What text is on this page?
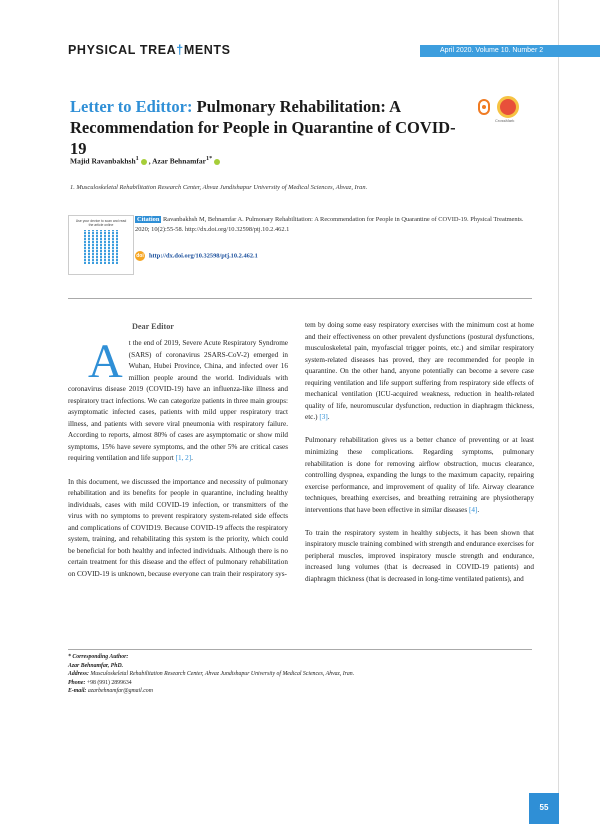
PHYSICAL TREA†MENTS	April 2020. Volume 10. Number 2
Letter to Edittor: Pulmonary Rehabilitation: A Recommendation for People in Quarantine of COVID-19
CrossMark
Majid Ravanbakhsh$^1$ , Azar Behnamfar$^{1*}$
1. Musculoskeletal Rehabilitation Research Center, Ahvaz Jundishapur University of Medical Sciences, Ahvaz, Iran.
Use your device to scan and read the article online
Citation Ravanbakhsh M, Behnamfar A. Pulmonary Rehabilitation: A Recommendation for People in Quarantine of COVID-19. Physical Treatments. 2020; 10(2):55-58. http://dx.doi.org/10.32598/ptj.10.2.462.1
doi http://dx.doi.org/10.32598/ptj.10.2.462.1
Dear Editor

At the end of 2019, Severe Acute Respiratory Syndrome (SARS) of coronavirus 2SARS-CoV-2) emerged in Wuhan, Hubei Province, China, and infected over 16 million people around the world. Individuals with coronavirus disease 2019 (COVID-19) have an influenza-like illness and respiratory tract infections. We can categorize patients in three main groups: asymptomatic infected cases, patients with mild upper respiratory tract illness, and patients with severe viral pneumonia with respiratory failure. According to reports, almost 80% of cases are asymptomatic or show mild symptoms, 15% have severe symptoms, and the other 5% are critical cases requiring ventilation and life support [1, 2].

In this document, we discussed the importance and necessity of pulmonary rehabilitation and its benefits for people in quarantine, including healthy individuals, cases with mild COVID-19 infection, or transmitters of the virus with no symptoms to prevent respiratory system-related side effects and complications of COVID19. Because COVID-19 affects the respiratory system, training, and rehabilitating this system is the priority, which could be beneficial for both healthy and infected individuals. Although there is no certain treatment for this disease and the effect of pulmonary rehabilitation on COVID-19 is unknown, because everyone can train their respiratory sys-

tem by doing some easy respiratory exercises with the minimum cost at home and their effectiveness on other prevalent dysfunctions (postural dysfunctions, musculoskeletal pain, myofascial trigger points, etc.) and similar respiratory system-related diseases has proved, they are recommended for people in quarantine. On the other hand, anyone potentially can become a severe case requiring ventilation and life support suffering from respiratory side effects of mechanical ventilation (ICU-acquired weakness, reduction in health-related quality of life, neuromuscular dysfunction, reduction in diaphragm thickness, etc.) [3].

Pulmonary rehabilitation gives us a better chance of preventing or at least minimizing these complications. Regarding symptoms, pulmonary rehabilitation is done for removing airflow obstruction, mucus clearance, controlling dyspnea, expanding the lungs to the maximum capacity, repairing exercise performance, and improvement of quality of life. Airway clearance techniques, breathing exercises, and breathing retraining are physiotherapy interventions that have been effective in similar diseases [4].

To train the respiratory system in healthy subjects, it has been shown that inspiratory muscle training combined with strength and endurance exercises for peripheral muscles, improved inspiratory muscle strength and endurance, increased lung volumes (that is decreased in COVID-19 patients) and diaphragm thickness (that is decreased in long-time ventilated patients), and

* Corresponding Author:
Azar Behnamfar, PhD.
Address: Musculoskeletal Rehabilitation Research Center, Ahvaz Jundishapur University of Medical Sciences, Ahvaz, Iran.
Phone: +98 (991) 2899634
E-mail: azarbehnamfar@gmail.com
55
